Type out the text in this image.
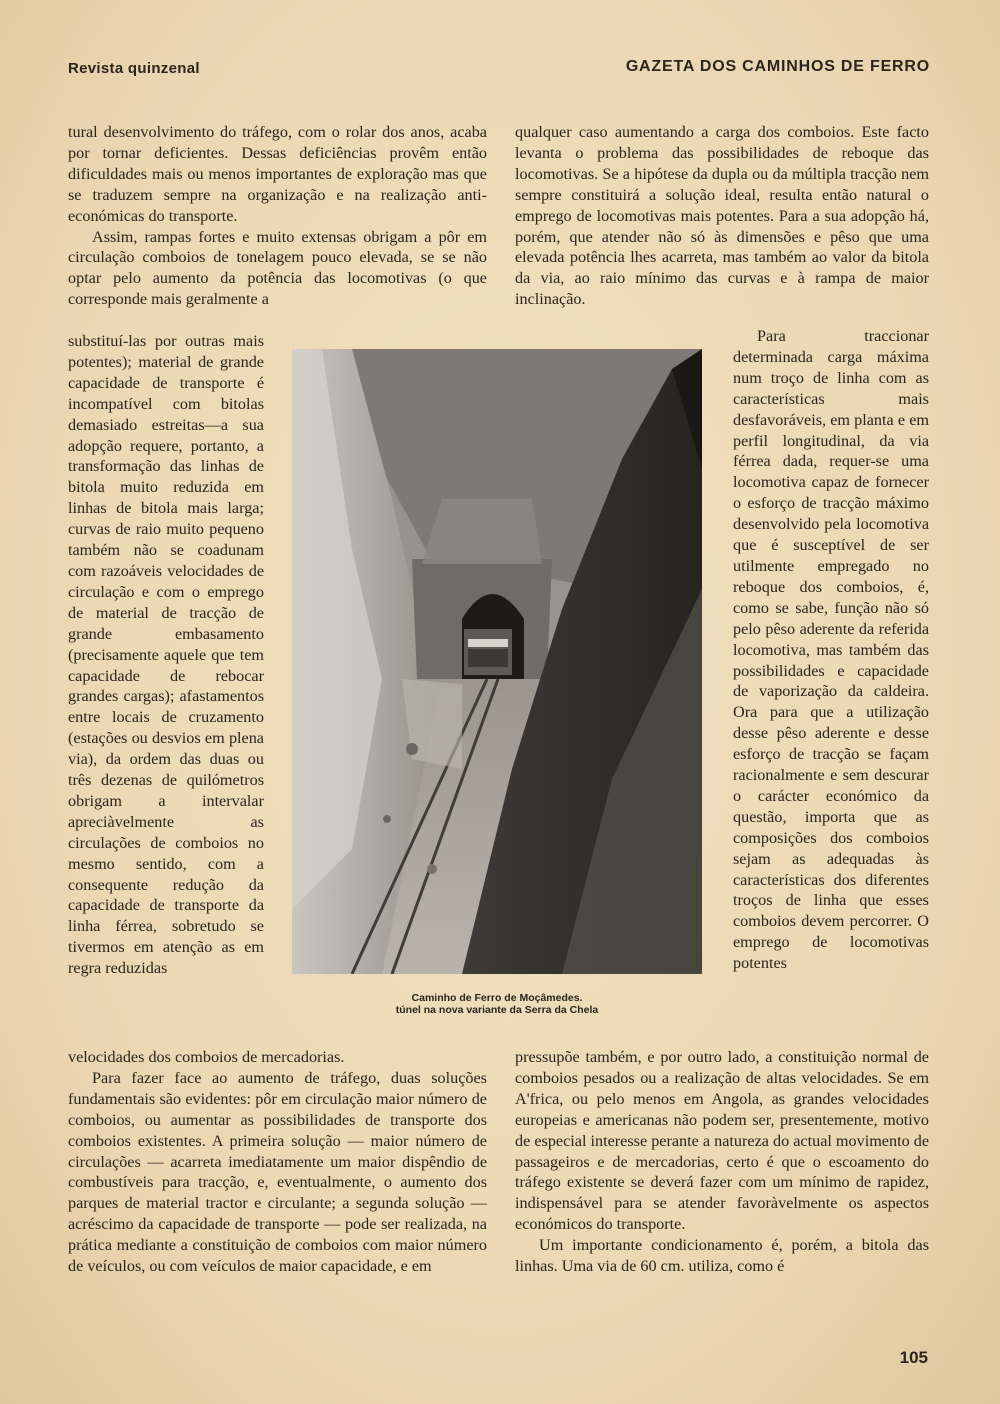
Revista quinzenal	GAZETA DOS CAMINHOS DE FERRO

tural desenvolvimento do tráfego, com o rolar dos anos, acaba por tornar deficientes. Dessas deficiências provêm então dificuldades mais ou menos importantes de exploração mas que se traduzem sempre na organização e na realização anti-económicas do transporte.

Assim, rampas fortes e muito extensas obrigam a pôr em circulação comboios de tonelagem pouco elevada, se se não optar pelo aumento da potência das locomotivas (o que corresponde mais geralmente a

substituí-las por outras mais potentes); material de grande capacidade de transporte é incompatível com bitolas demasiado estreitas—a sua adopção requere, portanto, a transformação das linhas de bitola muito reduzida em linhas de bitola mais larga; curvas de raio muito pequeno também não se coadunam com razoáveis velocidades de circulação e com o emprego de material de tracção de grande embasamento (precisamente aquele que tem capacidade de rebocar grandes cargas); afastamentos entre locais de cruzamento (estações ou desvios em plena via), da ordem das duas ou três dezenas de quilómetros obrigam a intervalar apreciàvelmente as circulações de comboios no mesmo sentido, com a consequente redução da capacidade de transporte da linha férrea, sobretudo se tivermos em atenção as em regra reduzidas

velocidades dos comboios de mercadorias.

Para fazer face ao aumento de tráfego, duas soluções fundamentais são evidentes: pôr em circulação maior número de comboios, ou aumentar as possibilidades de transporte dos comboios existentes. A primeira solução — maior número de circulações — acarreta imediatamente um maior dispêndio de combustíveis para tracção, e, eventualmente, o aumento dos parques de material tractor e circulante; a segunda solução — acréscimo da capacidade de transporte — pode ser realizada, na prática mediante a constituição de comboios com maior número de veículos, ou com veículos de maior capacidade, e em

qualquer caso aumentando a carga dos comboios. Este facto levanta o problema das possibilidades de reboque das locomotivas. Se a hipótese da dupla ou da múltipla tracção nem sempre constituirá a solução ideal, resulta então natural o emprego de locomotivas mais potentes. Para a sua adopção há, porém, que atender não só às dimensões e pêso que uma elevada potência lhes acarreta, mas também ao valor da bitola da via, ao raio mínimo das curvas e à rampa de maior inclinação.

Para traccionar determinada carga máxima num troço de linha com as características mais desfavoráveis, em planta e em perfil longitudinal, da via férrea dada, requer-se uma locomotiva capaz de fornecer o esforço de tracção máximo desenvolvido pela locomotiva que é susceptível de ser utilmente empregado no reboque dos comboios, é, como se sabe, função não só pelo pêso aderente da referida locomotiva, mas também das possibilidades e capacidade de vaporização da caldeira. Ora para que a utilização desse pêso aderente e desse esforço de tracção se façam racionalmente e sem descurar o carácter económico da questão, importa que as composições dos comboios sejam as adequadas às características dos diferentes troços de linha que esses comboios devem percorrer. O emprego de locomotivas potentes

pressupõe também, e por outro lado, a constituição normal de comboios pesados ou a realização de altas velocidades. Se em A'frica, ou pelo menos em Angola, as grandes velocidades europeias e americanas não podem ser, presentemente, motivo de especial interesse perante a natureza do actual movimento de passageiros e de mercadorias, certo é que o escoamento do tráfego existente se deverá fazer com um mínimo de rapidez, indispensável para se atender favoràvelmente os aspectos económicos do transporte.

Um importante condicionamento é, porém, a bitola das linhas. Uma via de 60 cm. utiliza, como é

Caminho de Ferro de Moçâmedes.
túnel na nova variante da Serra da Chela
105
